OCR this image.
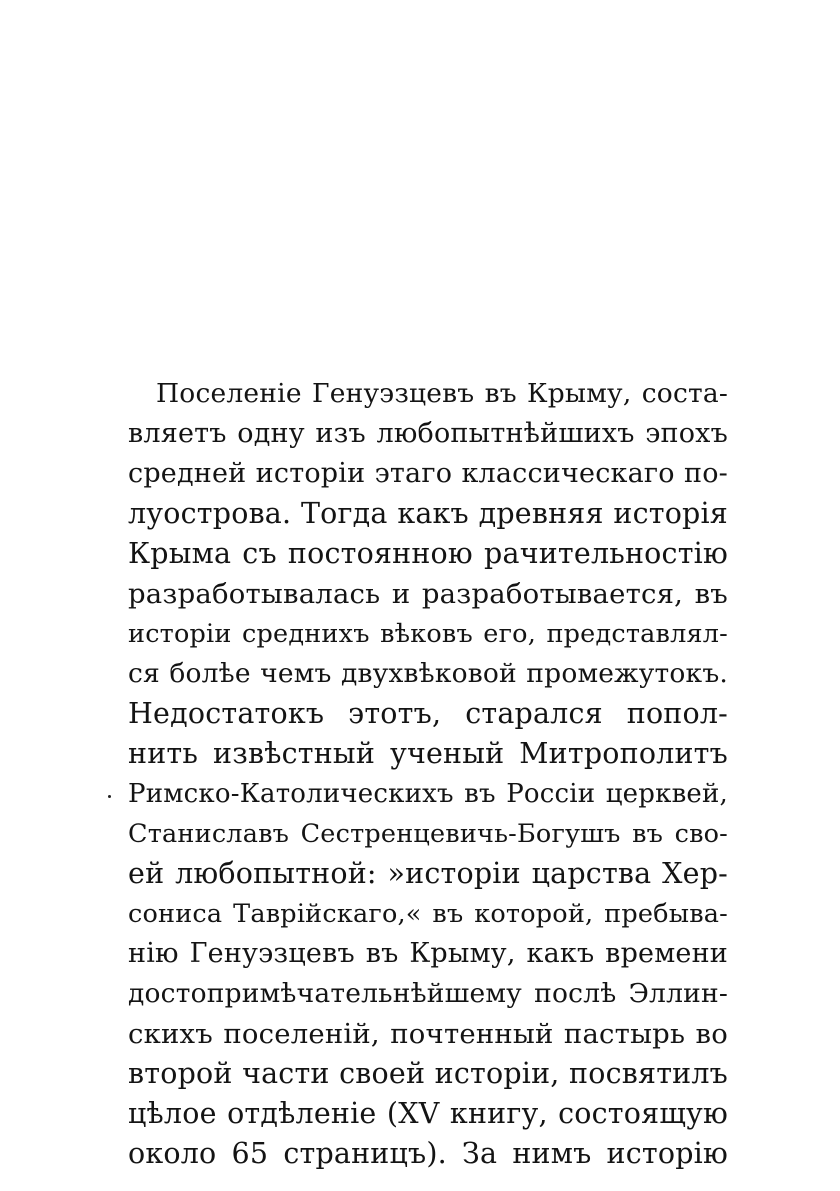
Поселеніе Генуэзцевъ въ Крыму, соста-
вляетъ одну изъ любопытнѣйшихъ эпохъ
средней исторіи этаго классическаго по-
луострова. Тогда какъ древняя исторія
Крыма съ постоянною рачительностію
разработывалась и разработывается, въ
исторіи среднихъ вѣковъ его, представлял-
ся болѣе чемъ двухвѣковой промежутокъ.
Недостатокъ этотъ, старался попол-
нить извѣстный ученый Митрополитъ
Римско-Католическихъ въ Россіи церквей,
Станиславъ Сестренцевичь-Богушъ въ сво-
ей любопытной: »исторіи царства Хер-
сониса Таврійскаго,« въ которой, пребыва-
нію Генуэзцевъ въ Крыму, какъ времени
достопримѣчательнѣйшему послѣ Эллин-
скихъ поселеній, почтенный пастырь во
второй части своей исторіи, посвятилъ
цѣлое отдѣленіе (XV книгу, состоящую
около 65 страницъ). За нимъ исторію
